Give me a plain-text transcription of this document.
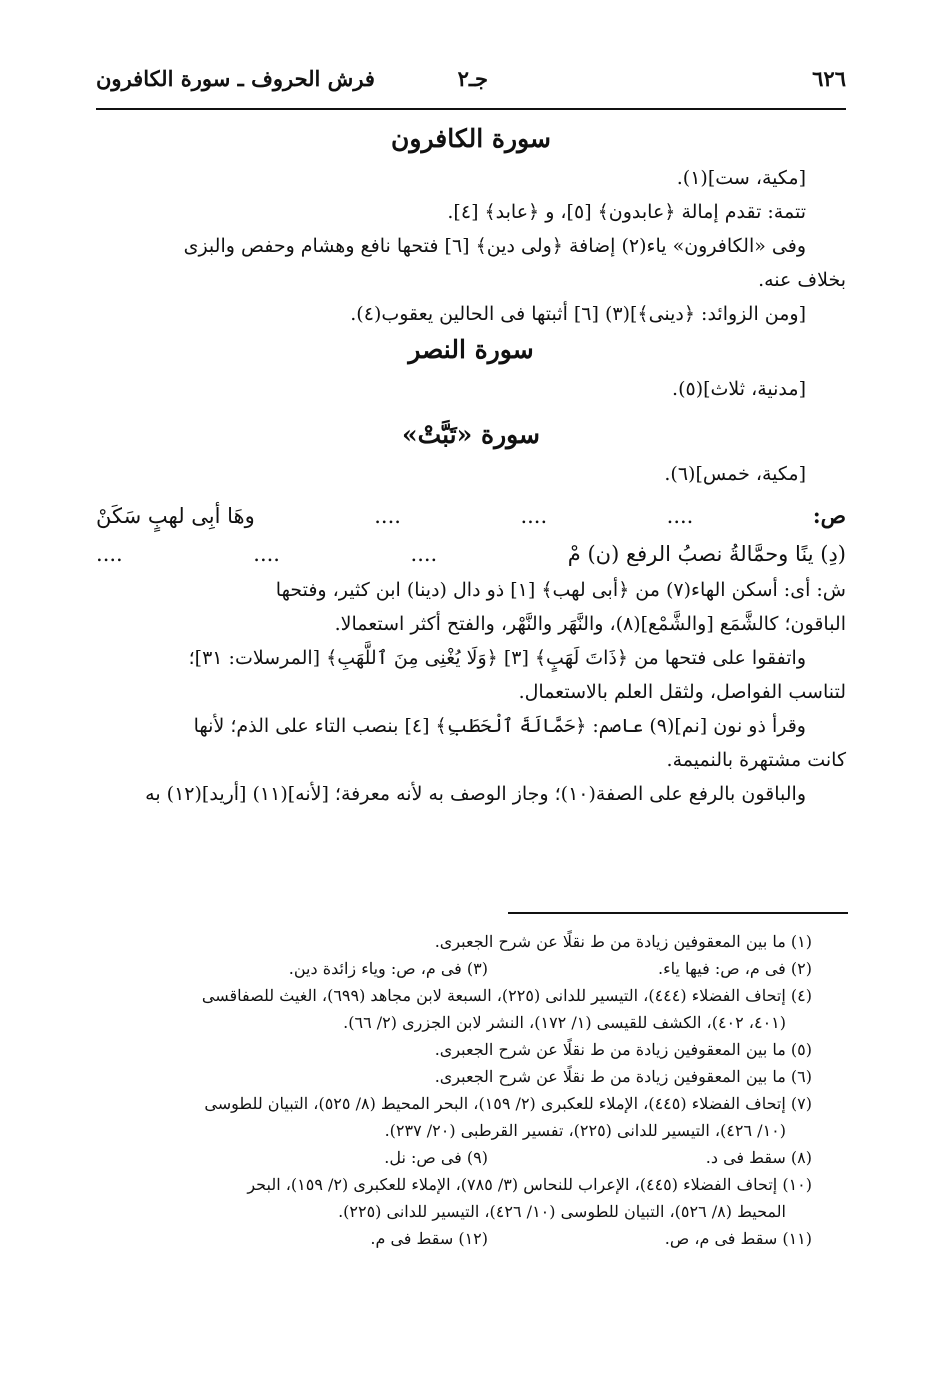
٦٢٦
جـ٢
فرش الحروف ـ سورة الكافرون
سورة الكافرون
[مكية، ست](١).
تتمة: تقدم إمالة ﴿عابدون﴾ [٥]، و ﴿عابد﴾ [٤].
وفى «الكافرون» ياء(٢) إضافة ﴿ولى دين﴾ [٦] فتحها نافع وهشام وحفص والبزى
بخلاف عنه.
[ومن الزوائد: ﴿دينى﴾](٣) [٦] أثبتها فى الحالين يعقوب(٤).
سورة النصر
[مدنية، ثلاث](٥).
سورة «تَبَّتْ»
[مكية، خمس](٦).
ص:
....
....
....
وهَا أبِى لهبٍ سَكَنْ
(دِ) ينًا وحمَّالةُ نصبُ الرفع (ن) مْ
....
....
....
ش: أى: أسكن الهاء(٧) من ﴿أبى لهب﴾ [١] ذو دال (دينا) ابن كثير، وفتحها
الباقون؛ كالشَّمَع [والشَّمْع](٨)، والنَّهَر والنَّهْر، والفتح أكثر استعمالا.
واتفقوا على فتحها من ﴿ذَاتَ لَهَبٍ﴾ [٣] ﴿وَلَا يُغْنِى مِنَ ٱللَّهَبِ﴾ [المرسلات: ٣١]؛
لتناسب الفواصل، ولثقل العلم بالاستعمال.
وقرأ ذو نون [نم](٩) عاصم: ﴿حَمَّالَةَ ٱلْحَطَبِ﴾ [٤] بنصب التاء على الذم؛ لأنها
كانت مشتهرة بالنميمة.
والباقون بالرفع على الصفة(١٠)؛ وجاز الوصف به لأنه معرفة؛ [لأنه](١١) [أريد](١٢) به
(١) ما بين المعقوفين زيادة من ط نقلًا عن شرح الجعبرى.
(٢) فى م، ص: فيها ياء.
(٣) فى م، ص: وياء زائدة دين.
(٤) إتحاف الفضلاء (٤٤٤)، التيسير للدانى (٢٢٥)، السبعة لابن مجاهد (٦٩٩)، الغيث للصفاقسى
(٤٠١، ٤٠٢)، الكشف للقيسى (١/ ١٧٢)، النشر لابن الجزرى (٢/ ٦٦).
(٥) ما بين المعقوفين زيادة من ط نقلًا عن شرح الجعبرى.
(٦) ما بين المعقوفين زيادة من ط نقلًا عن شرح الجعبرى.
(٧) إتحاف الفضلاء (٤٤٥)، الإملاء للعكبرى (٢/ ١٥٩)، البحر المحيط (٨/ ٥٢٥)، التبيان للطوسى
(١٠/ ٤٢٦)، التيسير للدانى (٢٢٥)، تفسير القرطبى (٢٠/ ٢٣٧).
(٨) سقط فى د.
(٩) فى ص: نل.
(١٠) إتحاف الفضلاء (٤٤٥)، الإعراب للنحاس (٣/ ٧٨٥)، الإملاء للعكبرى (٢/ ١٥٩)، البحر
المحيط (٨/ ٥٢٦)، التبيان للطوسى (١٠/ ٤٢٦)، التيسير للدانى (٢٢٥).
(١١) سقط فى م، ص.
(١٢) سقط فى م.
